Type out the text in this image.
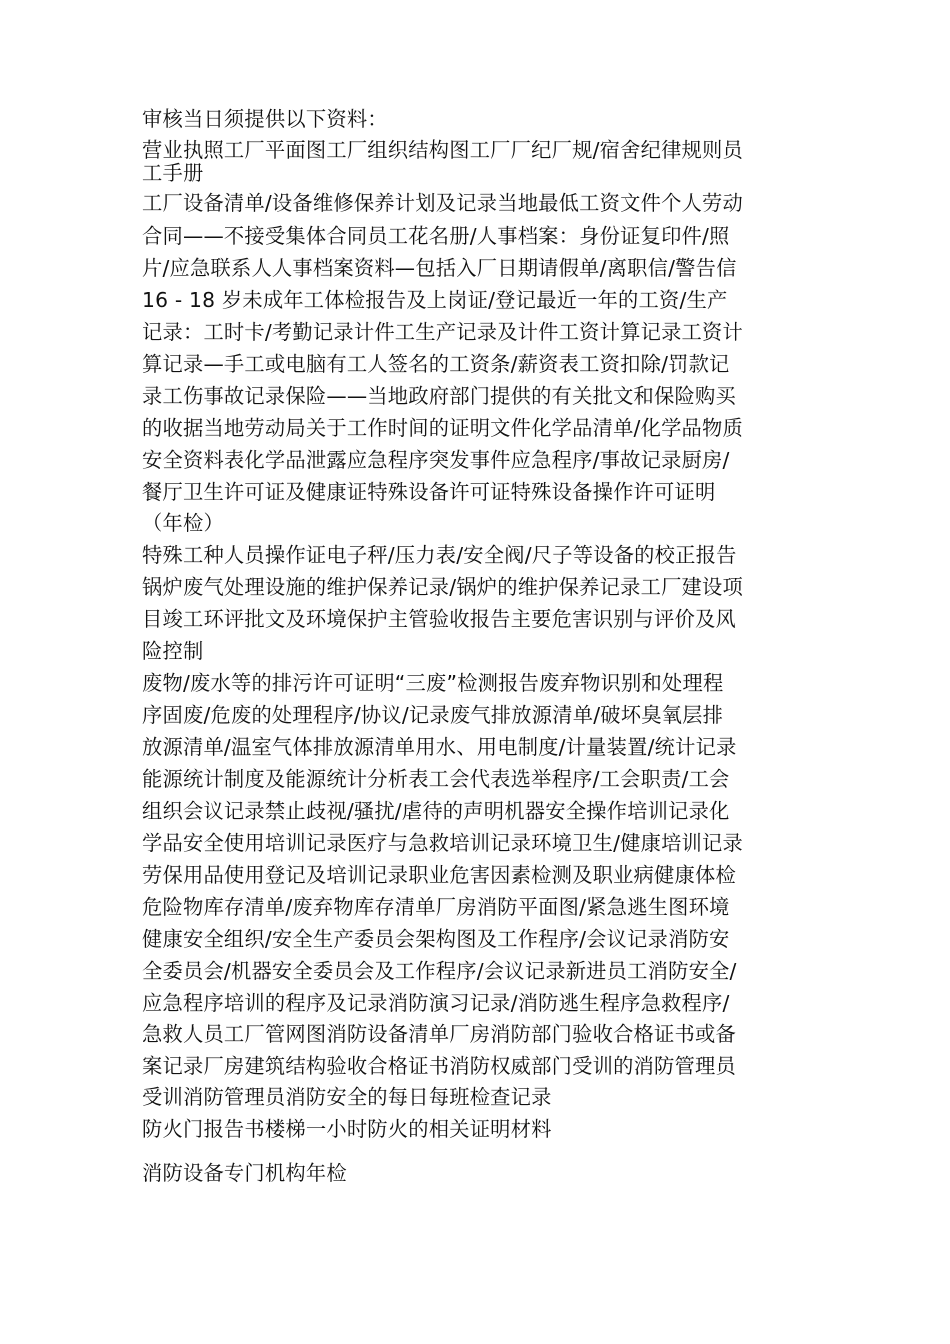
审核当日须提供以下资料：
营业执照工厂平面图工厂组织结构图工厂厂纪厂规/宿舍纪律规则员
工手册
工厂设备清单/设备维修保养计划及记录当地最低工资文件个人劳动
合同——不接受集体合同员工花名册/人事档案：身份证复印件/照
片/应急联系人人事档案资料—包括入厂日期请假单/离职信/警告信
16 - 18 岁未成年工体检报告及上岗证/登记最近一年的工资/生产
记录：工时卡/考勤记录计件工生产记录及计件工资计算记录工资计
算记录—手工或电脑有工人签名的工资条/薪资表工资扣除/罚款记
录工伤事故记录保险——当地政府部门提供的有关批文和保险购买
的收据当地劳动局关于工作时间的证明文件化学品清单/化学品物质
安全资料表化学品泄露应急程序突发事件应急程序/事故记录厨房/
餐厅卫生许可证及健康证特殊设备许可证特殊设备操作许可证明
（年检）
特殊工种人员操作证电子秤/压力表/安全阀/尺子等设备的校正报告
锅炉废气处理设施的维护保养记录/锅炉的维护保养记录工厂建设项
目竣工环评批文及环境保护主管验收报告主要危害识别与评价及风
险控制
废物/废水等的排污许可证明“三废”检测报告废弃物识别和处理程
序固废/危废的处理程序/协议/记录废气排放源清单/破坏臭氧层排
放源清单/温室气体排放源清单用水、用电制度/计量装置/统计记录
能源统计制度及能源统计分析表工会代表选举程序/工会职责/工会
组织会议记录禁止歧视/骚扰/虐待的声明机器安全操作培训记录化
学品安全使用培训记录医疗与急救培训记录环境卫生/健康培训记录
劳保用品使用登记及培训记录职业危害因素检测及职业病健康体检
危险物库存清单/废弃物库存清单厂房消防平面图/紧急逃生图环境
健康安全组织/安全生产委员会架构图及工作程序/会议记录消防安
全委员会/机器安全委员会及工作程序/会议记录新进员工消防安全/
应急程序培训的程序及记录消防演习记录/消防逃生程序急救程序/
急救人员工厂管网图消防设备清单厂房消防部门验收合格证书或备
案记录厂房建筑结构验收合格证书消防权威部门受训的消防管理员
受训消防管理员消防安全的每日每班检查记录
防火门报告书楼梯一小时防火的相关证明材料
消防设备专门机构年检
